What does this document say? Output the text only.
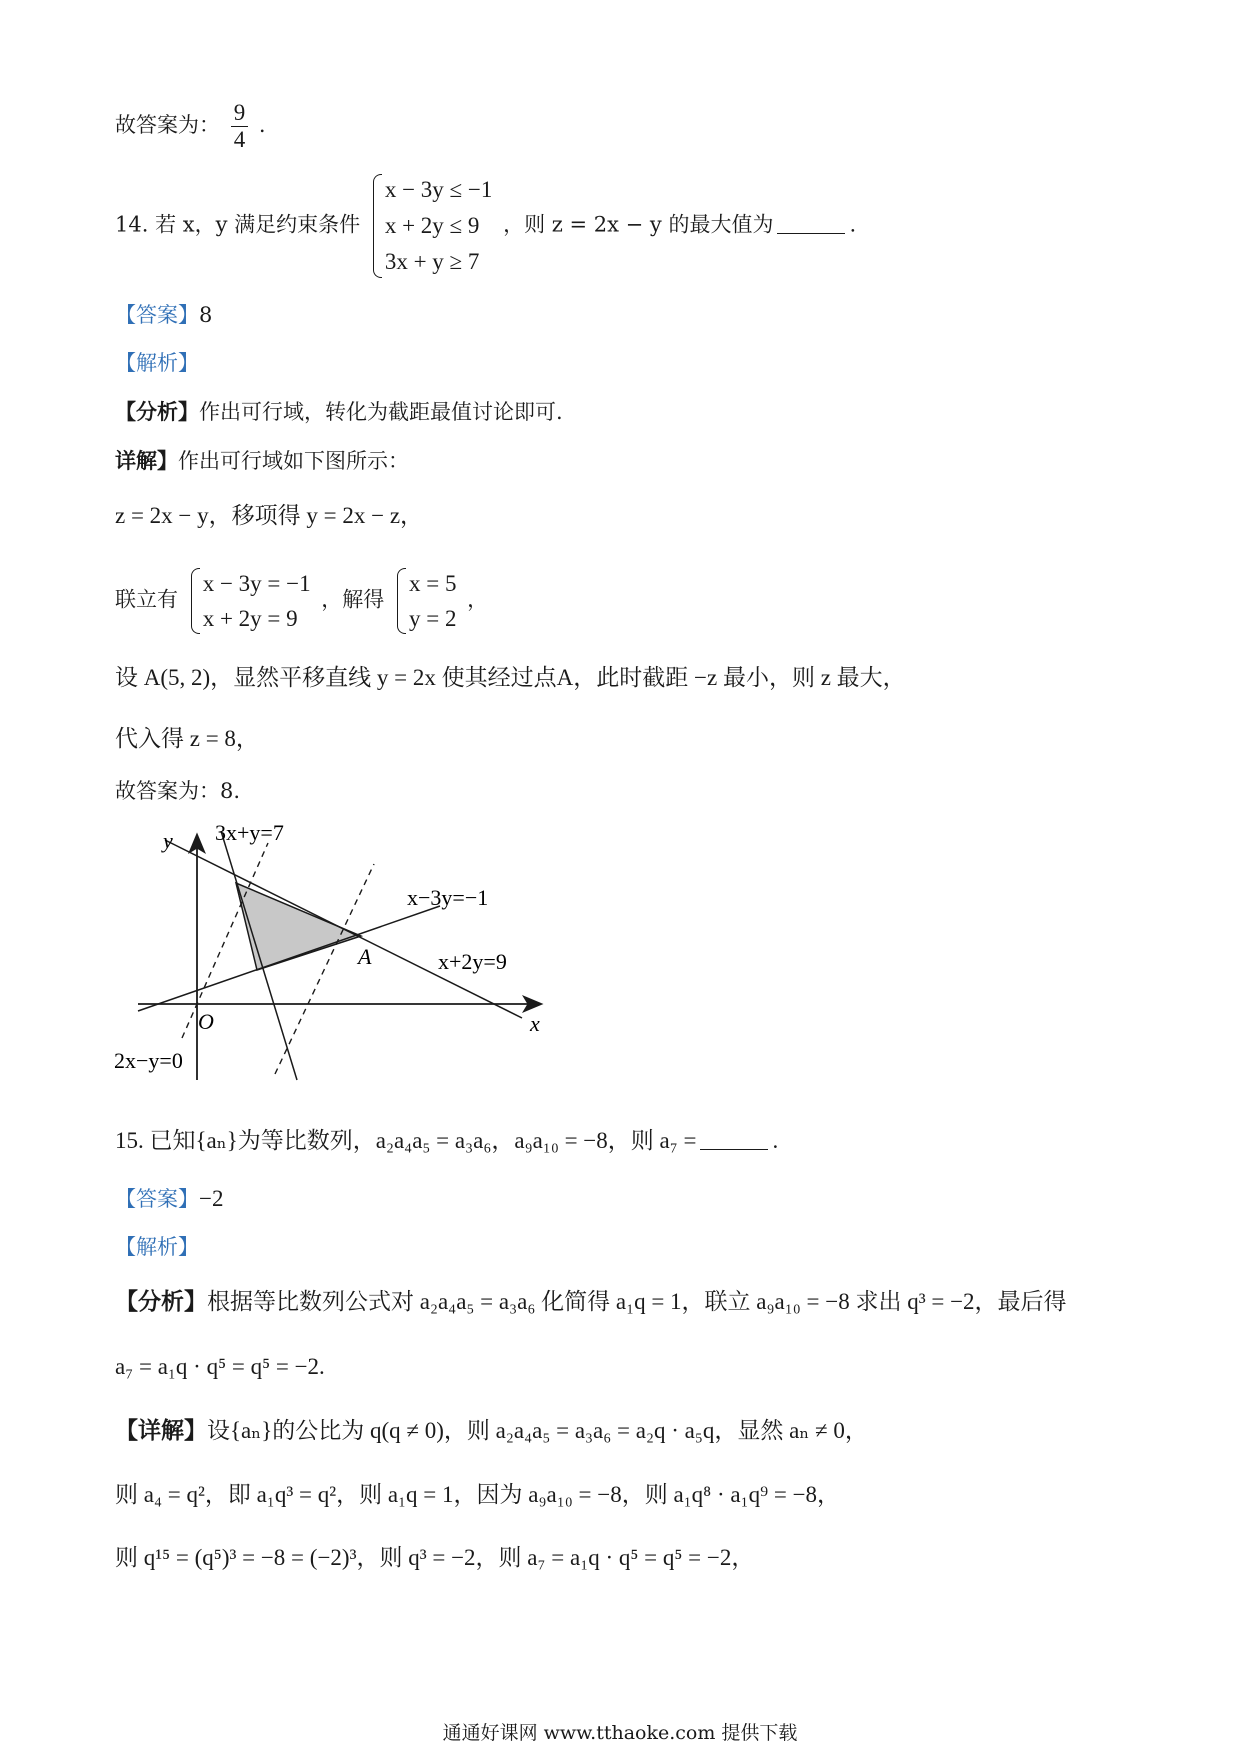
故答案为： $\frac{9}{4}$ .
14. 若 x，y 满足约束条件
x − 3y ≤ −1
x + 2y ≤ 9
3x + y ≥ 7
，则 z = 2x − y 的最大值为	.
【答案】8
【解析】
【分析】作出可行域，转化为截距最值讨论即可.
详解】作出可行域如下图所示：
z = 2x − y，移项得 y = 2x − z，
联立有
x − 3y = −1
x + 2y = 9
，解得
x = 5
y = 2
，
设 A(5, 2)，显然平移直线 y = 2x 使其经过点A，此时截距 −z 最小，则 z 最大，
代入得 z = 8，
故答案为：8.
y
x
O
A
3x+y=7
x−3y=−1
x+2y=9
2x−y=0
15. 已知{aₙ}为等比数列，a₂a₄a₅ = a₃a₆，a₉a₁₀ = −8，则 a₇ =	.
【答案】−2
【解析】
【分析】根据等比数列公式对 a₂a₄a₅ = a₃a₆ 化简得 a₁q = 1，联立 a₉a₁₀ = −8 求出 q³ = −2，最后得
a₇ = a₁q · q⁵ = q⁵ = −2.
【详解】设{aₙ}的公比为 q(q ≠ 0)，则 a₂a₄a₅ = a₃a₆ = a₂q · a₅q，显然 aₙ ≠ 0，
则 a₄ = q²，即 a₁q³ = q²，则 a₁q = 1，因为 a₉a₁₀ = −8，则 a₁q⁸ · a₁q⁹ = −8，
则 q¹⁵ = (q⁵)³ = −8 = (−2)³，则 q³ = −2，则 a₇ = a₁q · q⁵ = q⁵ = −2，
通通好课网 www.tthaoke.com 提供下载
